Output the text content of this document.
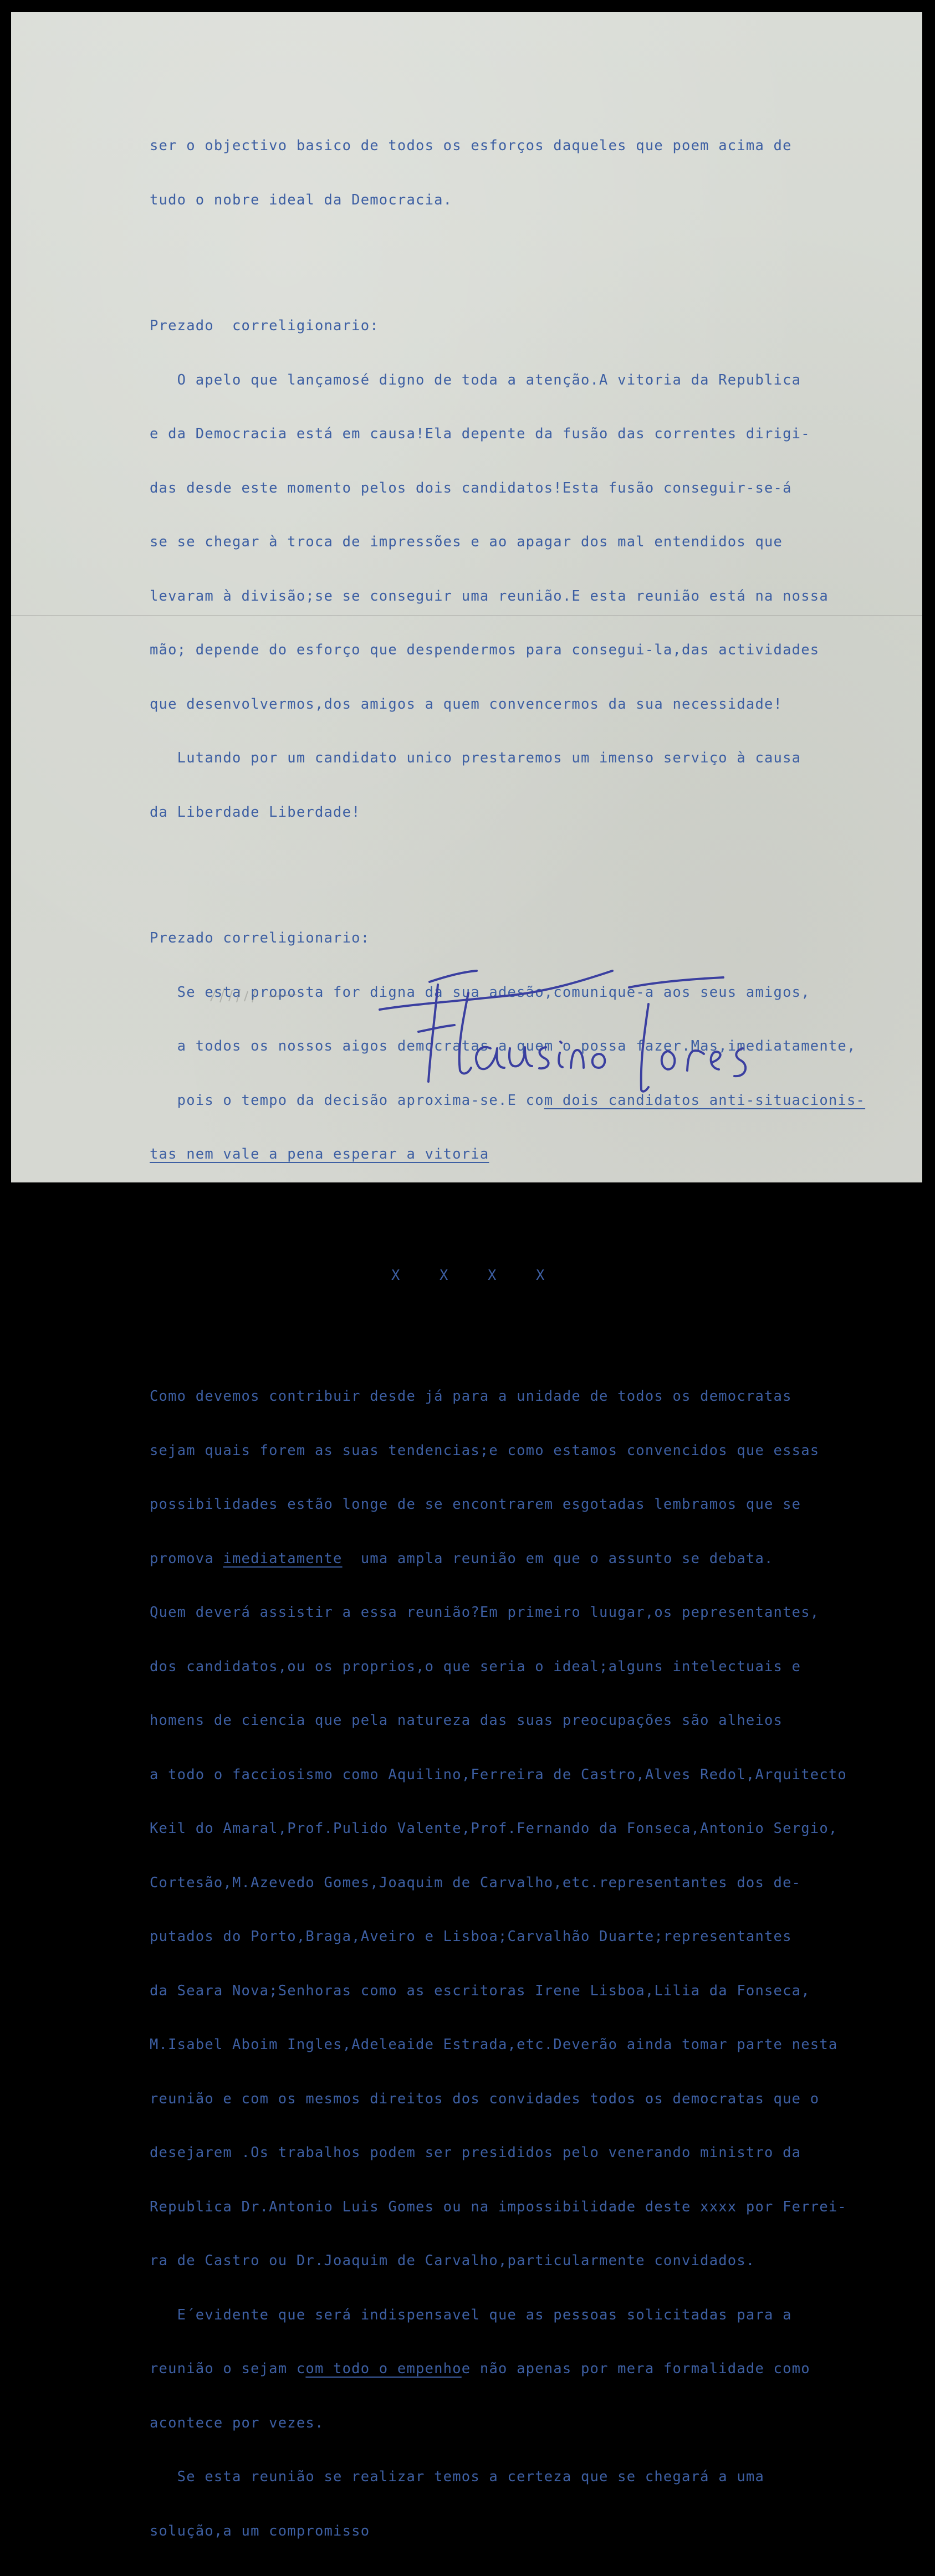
ser o objectivo basico de todos os esforços daqueles que poem acima de

tudo o nobre ideal da Democracia.

Prezado  correligionario:

O apelo que lançamosé digno de toda a atenção.A vitoria da Republica

e da Democracia está em causa!Ela depente da fusão das correntes dirigi-

das desde este momento pelos dois candidatos!Esta fusão conseguir-se-á

se se chegar à troca de impressões e ao apagar dos mal entendidos que

levaram à divisão;se se conseguir uma reunião.E esta reunião está na nossa

mão; depende do esforço que despendermos para consegui-la,das actividades

que desenvolvermos,dos amigos a quem convencermos da sua necessidade!

Lutando por um candidato unico prestaremos um imenso serviço à causa

da Liberdade Liberdade!

Prezado correligionario:

Se esta proposta for digna da sua adesão,comunique-a aos seus amigos,

a todos os nossos aigos democratas a quem o possa fazer.Mas,imediatamente,

pois o tempo da decisão aproxima-se.E com dois candidatos anti-situacionis-

tas nem vale a pena esperar a vitoria

X	X	X	X

Como devemos contribuir desde já para a unidade de todos os democratas

sejam quais forem as suas tendencias;e como estamos convencidos que essas

possibilidades estão longe de se encontrarem esgotadas lembramos que se

promova imediatamente  uma ampla reunião em que o assunto se debata.

Quem deverá assistir a essa reunião?Em primeiro luugar,os pepresentantes,

dos candidatos,ou os proprios,o que seria o ideal;alguns intelectuais e

homens de ciencia que pela natureza das suas preocupações são alheios

a todo o facciosismo como Aquilino,Ferreira de Castro,Alves Redol,Arquitecto

Keil do Amaral,Prof.Pulido Valente,Prof.Fernando da Fonseca,Antonio Sergio,

Cortesão,M.Azevedo Gomes,Joaquim de Carvalho,etc.representantes dos de-

putados do Porto,Braga,Aveiro e Lisboa;Carvalhão Duarte;representantes

da Seara Nova;Senhoras como as escritoras Irene Lisboa,Lilia da Fonseca,

M.Isabel Aboim Ingles,Adeleaide Estrada,etc.Deverão ainda tomar parte nesta

reunião e com os mesmos direitos dos convidades todos os democratas que o

desejarem .Os trabalhos podem ser presididos pelo venerando ministro da

Republica Dr.Antonio Luis Gomes ou na impossibilidade deste xxxx por Ferrei-

ra de Castro ou Dr.Joaquim de Carvalho,particularmente convidados.

E´evidente que será indispensavel que as pessoas solicitadas para a

reunião o sejam com todo o empenhoe não apenas por mera formalidade como

acontece por vezes.

Se esta reunião se realizar temos a certeza que se chegará a uma

solução,a um compromisso
